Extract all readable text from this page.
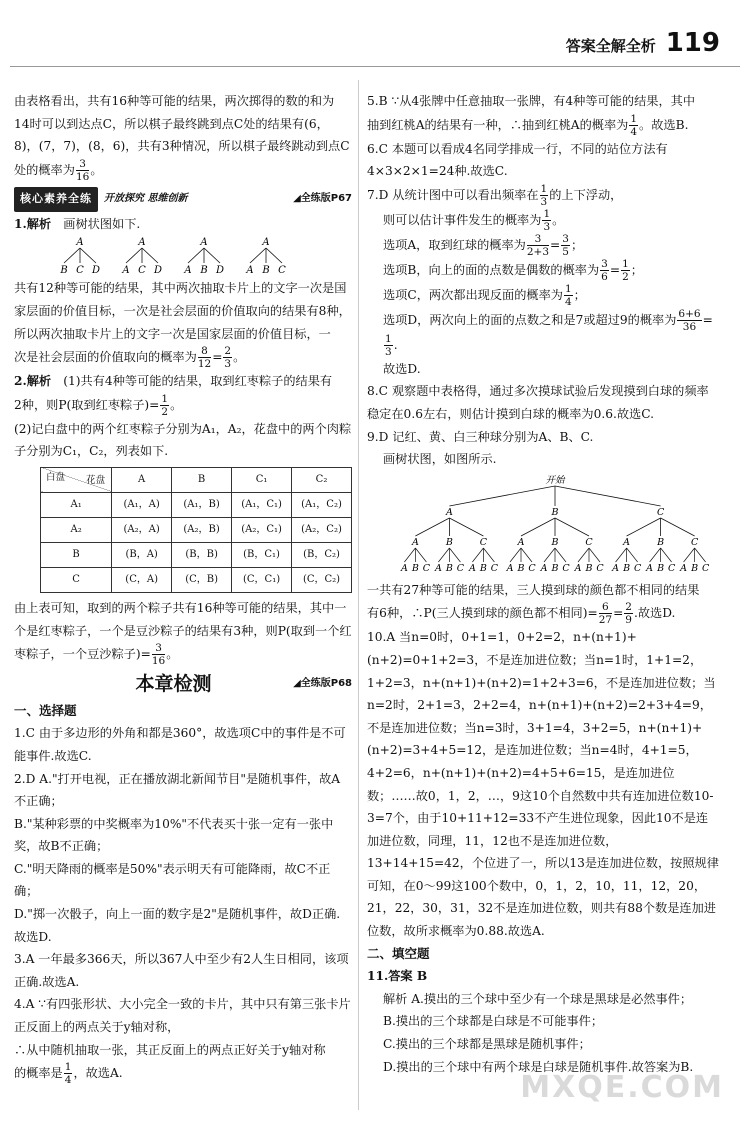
答案全解全析 119

由表格看出，共有16种等可能的结果，两次掷得的数的和为

14时可以到达点C，所以棋子最终跳到点C处的结果有(6，

8)，(7，7)，(8，6)，共有3种情况，所以棋子最终跳动到点C

处的概率为 $\frac{3}{16}$ 。

核心素养全练	开放探究 思维创新	◢全练版P67

1.解析　 画树状图如下.

A
B C D
A
A C D
A
A B D
A
A B C

共有12种等可能的结果，其中两次抽取卡片上的文字一次是国家层面的价值目标，一次是社会层面的价值取向的结果有8种，

所以两次抽取卡片上的文字一次是国家层面的价值目标，一

次是社会层面的价值取向的概率为 $\frac{8}{12} = \frac{2}{3}$ 。

2.解析　 (1)共有4种等可能的结果，取到红枣粽子的结果有

2种，则P(取到红枣粽子)= $\frac{1}{2}$ 。

(2)记白盘中的两个红枣粽子分别为A₁，A₂，花盘中的两个肉粽子分别为C₁，C₂，列表如下.

花盘
白盘	A	B	C₁	C₂
A₁	(A₁，A)	(A₁，B)	(A₁，C₁)	(A₁，C₂)
A₂	(A₂，A)	(A₂，B)	(A₂，C₁)	(A₂，C₂)
B	(B，A)	(B，B)	(B，C₁)	(B，C₂)
C	(C，A)	(C，B)	(C，C₁)	(C，C₂)

由上表可知，取到的两个粽子共有16种等可能的结果，其中一个是红枣粽子，一个是豆沙粽子的结果有3种，则P(取到一个红

枣粽子，一个豆沙粽子)= $\frac{3}{16}$ 。

本章检测	◢全练版P68

一、选择题

1.C 由于多边形的外角和都是360°，故选项C中的事件是不可能事件.故选C.

2.D A."打开电视，正在播放湖北新闻节目"是随机事件，故A不正确；

B."某种彩票的中奖概率为10%"不代表买十张一定有一张中奖，故B不正确；

C."明天降雨的概率是50%"表示明天有可能降雨，故C不正确；

D."掷一次骰子，向上一面的数字是2"是随机事件，故D正确.故选D.

3.A 一年最多366天，所以367人中至少有2人生日相同，该项正确.故选A.

4.A ∵有四张形状、大小完全一致的卡片，其中只有第三张卡片正反面上的两点关于y轴对称，

∴从中随机抽取一张，其正反面上的两点正好关于y轴对称

的概率是 $\frac{1}{4}$ ，故选A.

5.B ∵从4张牌中任意抽取一张牌，有4种等可能的结果，其中

抽到红桃A的结果有一种，∴抽到红桃A的概率为 $\frac{1}{4}$ 。故选B.

6.C 本题可以看成4名同学排成一行，不同的站位方法有4×3×2×1=24种.故选C.

7.D 从统计图中可以看出频率在 $\frac{1}{3}$ 的上下浮动，

则可以估计事件发生的概率为 $\frac{1}{3}$ 。

选项A，取到红球的概率为 $\frac{3}{2+3} = \frac{3}{5}$ ；

选项B，向上的面的点数是偶数的概率为 $\frac{3}{6} = \frac{1}{2}$ ；

选项C，两次都出现反面的概率为 $\frac{1}{4}$ ；

选项D，两次向上的面的点数之和是7或超过9的概率为 $\frac{6+6}{36}$ =
$\frac{1}{3}$ .

故选D.

8.C 观察题中表格得，通过多次摸球试验后发现摸到白球的频率稳定在0.6左右，则估计摸到白球的概率为0.6.故选C.

9.D 记红、黄、白三种球分别为A、B、C.

画树状图，如图所示.

开始
A
A
A B C
B
A B C
C
A B C
B
A
A B C
B
A B C
C
A B C
C
A
A B C
B
A B C
C
A B C

一共有27种等可能的结果，三人摸到球的颜色都不相同的结果

有6种，∴P(三人摸到球的颜色都不相同)= $\frac{6}{27} = \frac{2}{9}$ .故选D.

10.A 当n=0时，0+1=1，0+2=2，n+(n+1)+(n+2)=0+1+2=3，不是连加进位数；当n=1时，1+1=2，1+2=3，n+(n+1)+(n+2)=1+2+3=6，不是连加进位数；当n=2时，2+1=3，2+2=4，n+(n+1)+(n+2)=2+3+4=9，不是连加进位数；当n=3时，3+1=4，3+2=5，n+(n+1)+(n+2)=3+4+5=12，是连加进位数；当n=4时，4+1=5，4+2=6，n+(n+1)+(n+2)=4+5+6=15，是连加进位数；……故0，1，2，…，9这10个自然数中共有连加进位数10-3=7个，由于10+11+12=33不产生进位现象，因此10不是连加进位数，同理，11，12也不是连加进位数，13+14+15=42，个位进了一，所以13是连加进位数，按照规律可知，在0～99这100个数中，0，1，2，10，11，12，20，21，22，30，31，32不是连加进位数，则共有88个数是连加进位数，故所求概率为0.88.故选A.

二、填空题

11.答案 B

解析 A.摸出的三个球中至少有一个球是黑球是必然事件；

B.摸出的三个球都是白球是不可能事件；

C.摸出的三个球都是黑球是随机事件；

D.摸出的三个球中有两个球是白球是随机事件.故答案为B.

MXQE.COM
